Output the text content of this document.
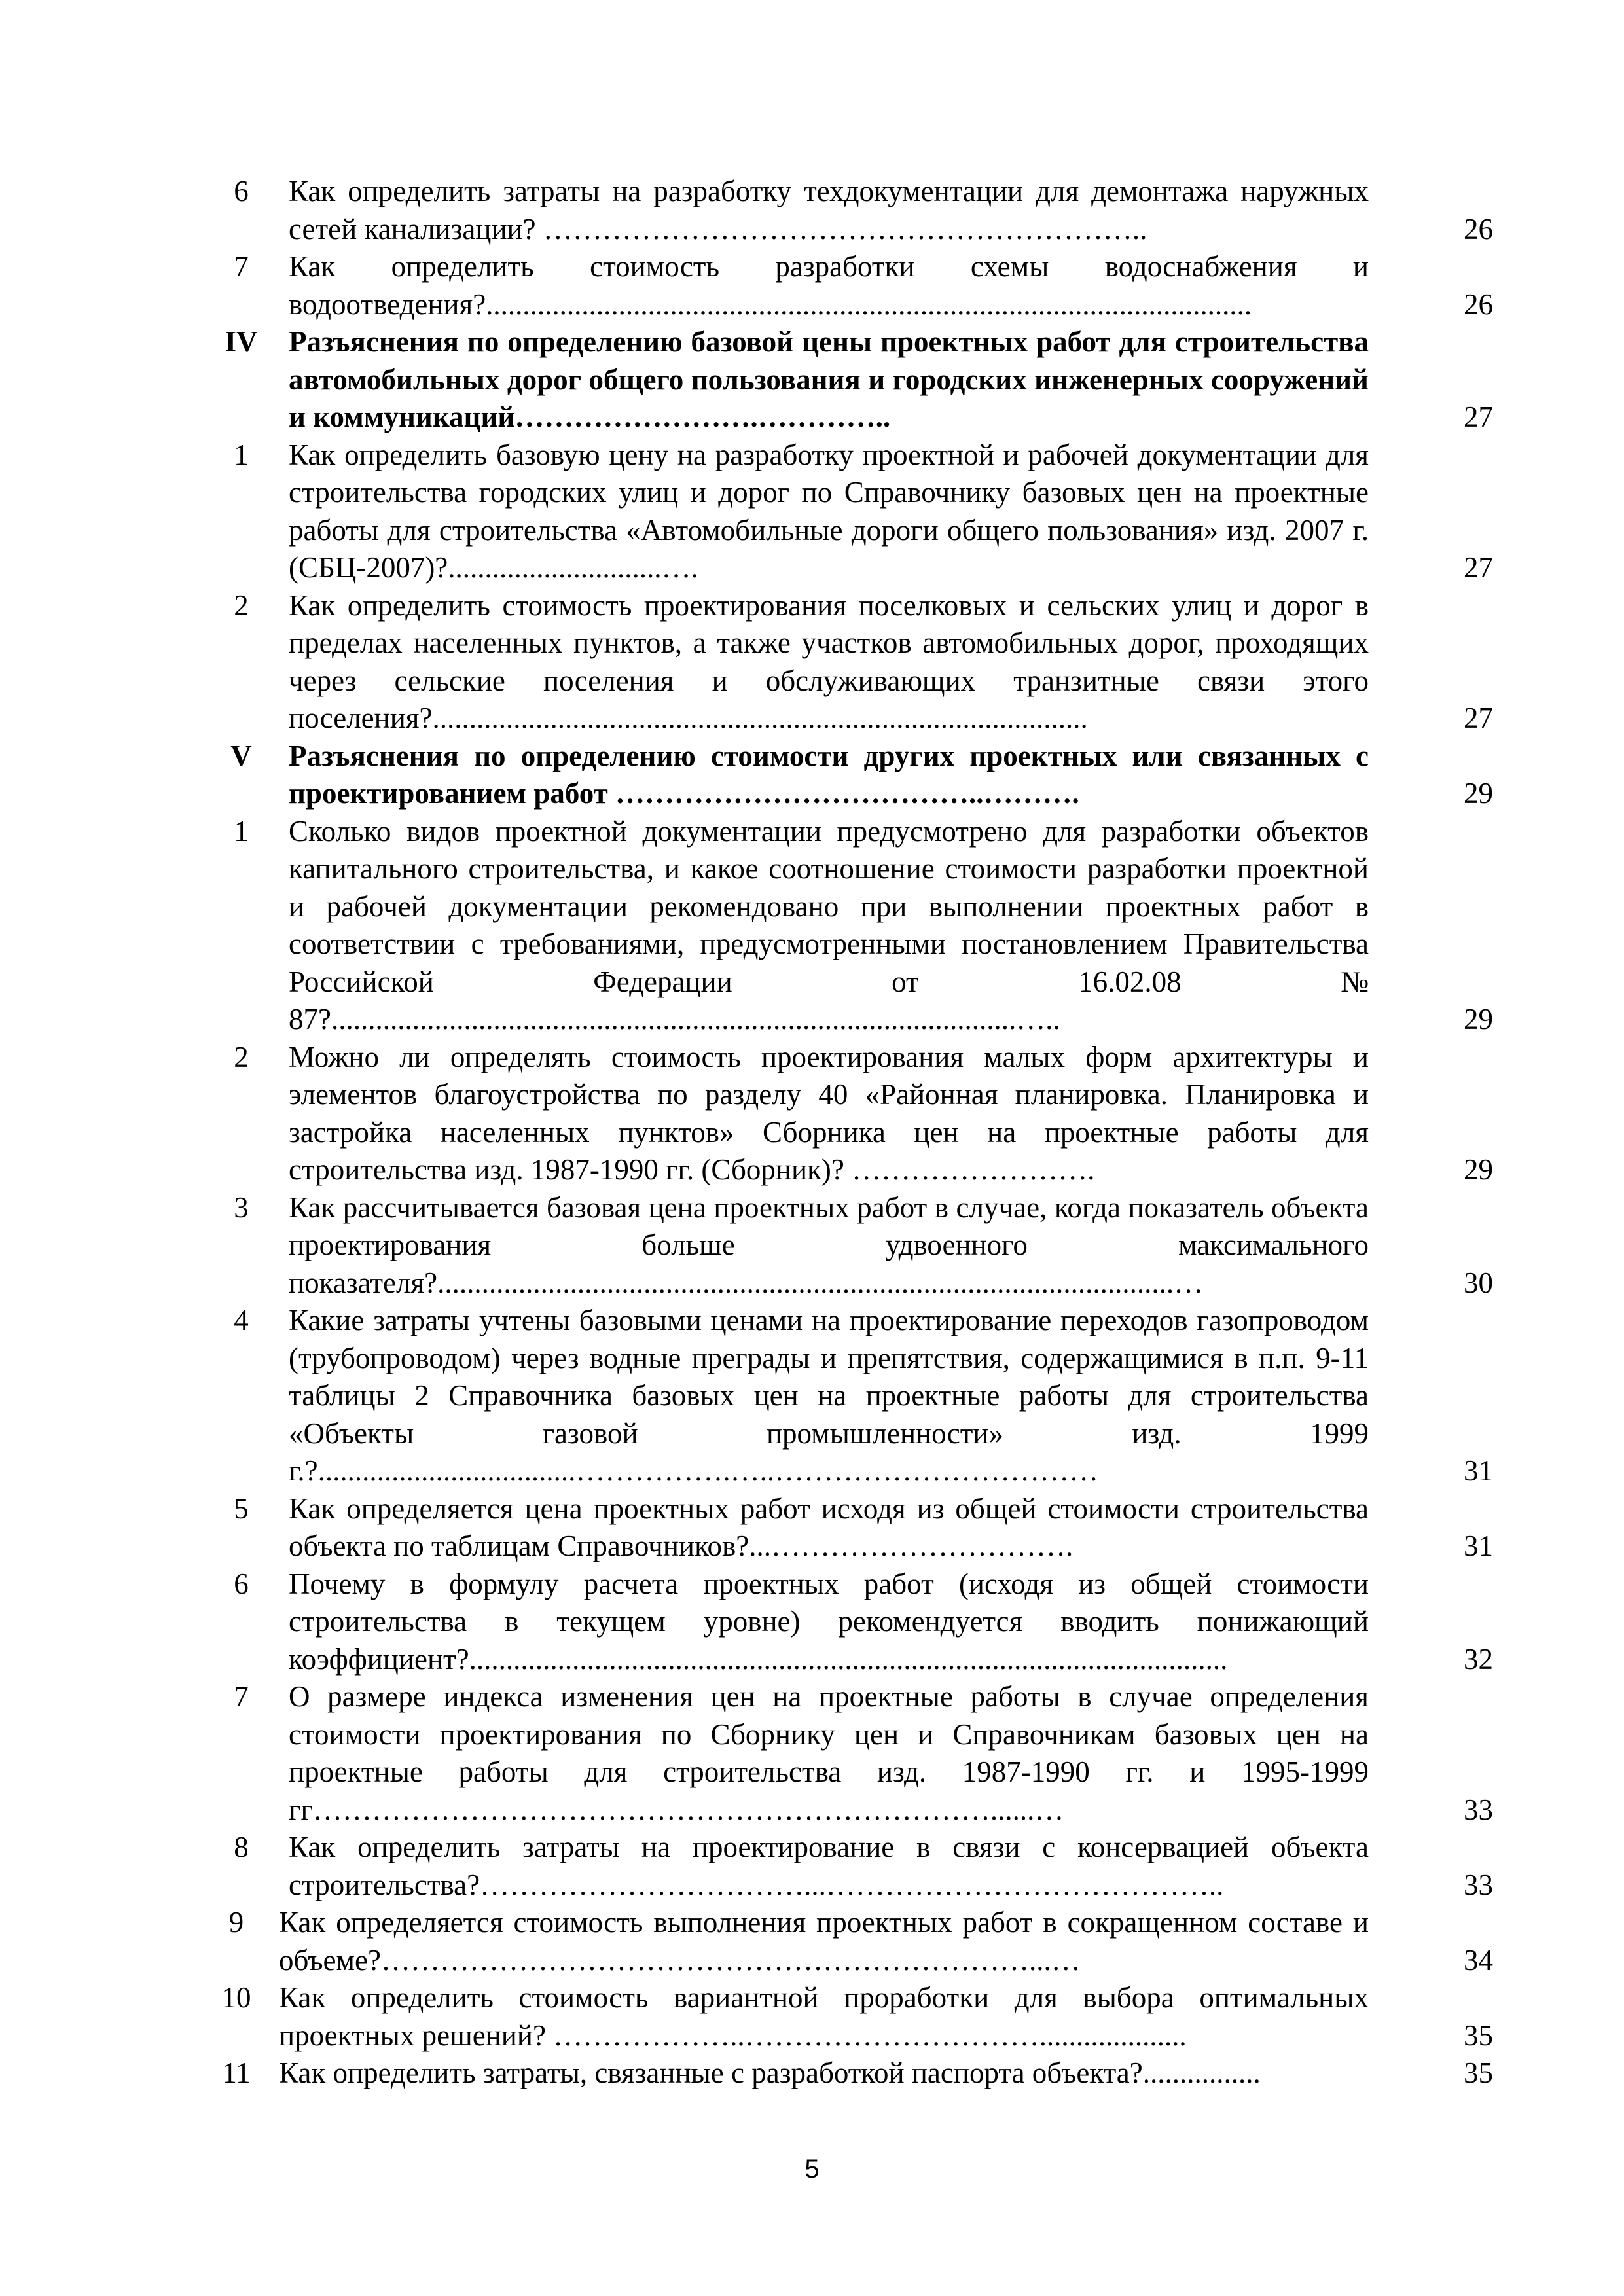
6	Как определить затраты на разработку техдокументации для демонтажа наружных сетей канализации? ……………………………………………………..	26
7	Как определить стоимость разработки схемы водоснабжения и водоотведения?........................................................................................................	26
IV	Разъяснения по определению базовой цены проектных работ для строительства автомобильных дорог общего пользования и городских инженерных сооружений и коммуникаций…………………….…………..	27
1	Как определить базовую цену на разработку проектной и рабочей документации для строительства городских улиц и дорог по Справочнику базовых цен на проектные работы для строительства «Автомобильные дороги общего пользования» изд. 2007 г. (СБЦ-2007)?.............................….	27
2	Как определить стоимость проектирования поселковых и сельских улиц и дорог в пределах населенных пунктов, а также участков автомобильных дорог, проходящих через сельские поселения и обслуживающих транзитные связи этого поселения?.........................................................................................	27
V	Разъяснения по определению стоимости других проектных или связанных с проектированием работ ………………………………..……….	29
1	Сколько видов проектной документации предусмотрено для разработки объектов капитального строительства, и какое соотношение стоимости разработки проектной и рабочей документации рекомендовано при выполнении проектных работ в соответствии с требованиями, предусмотренными постановлением Правительства Российской Федерации от 16.02.08 № 87?.............................................................................................…..	29
2	Можно ли определять стоимость проектирования малых форм архитектуры и элементов благоустройства по разделу 40 «Районная планировка. Планировка и застройка населенных пунктов» Сборника цен на проектные работы для строительства изд. 1987-1990 гг. (Сборник)? …………………….	29
3	Как рассчитывается базовая цена проектных работ в случае, когда показатель объекта проектирования больше удвоенного максимального показателя?....................................................................................................…	30
4	Какие затраты учтены базовыми ценами на проектирование переходов газопроводом (трубопроводом) через водные преграды и препятствия, содержащимися в п.п. 9-11 таблицы 2 Справочника базовых цен на проектные работы для строительства «Объекты газовой промышленности» изд. 1999 г.?...................................…………….…..……………………………	31
5	Как определяется цена проектных работ исходя из общей стоимости строительства объекта по таблицам Справочников?...………………………….	31
6	Почему в формулу расчета проектных работ (исходя из общей стоимости строительства в текущем уровне) рекомендуется вводить понижающий коэффициент?.......................................................................................................	32
7	О размере индекса изменения цен на проектные работы в случае определения стоимости проектирования по Сборнику цен и Справочникам базовых цен на проектные работы для строительства изд. 1987-1990 гг. и 1995-1999 гг……………………………………………………………......…	33
8	Как определить затраты на проектирование в связи с консервацией объекта строительства?……………………………...…………………………………..	33
9	Как определяется стоимость выполнения проектных работ в сокращенном составе и объеме?…………………………………………………………...…	34
10 Как определить стоимость вариантной проработки для выбора оптимальных проектных решений? ………………..…………………………....................	35
11 Как определить затраты, связанные с разработкой паспорта объекта?................	35
5
